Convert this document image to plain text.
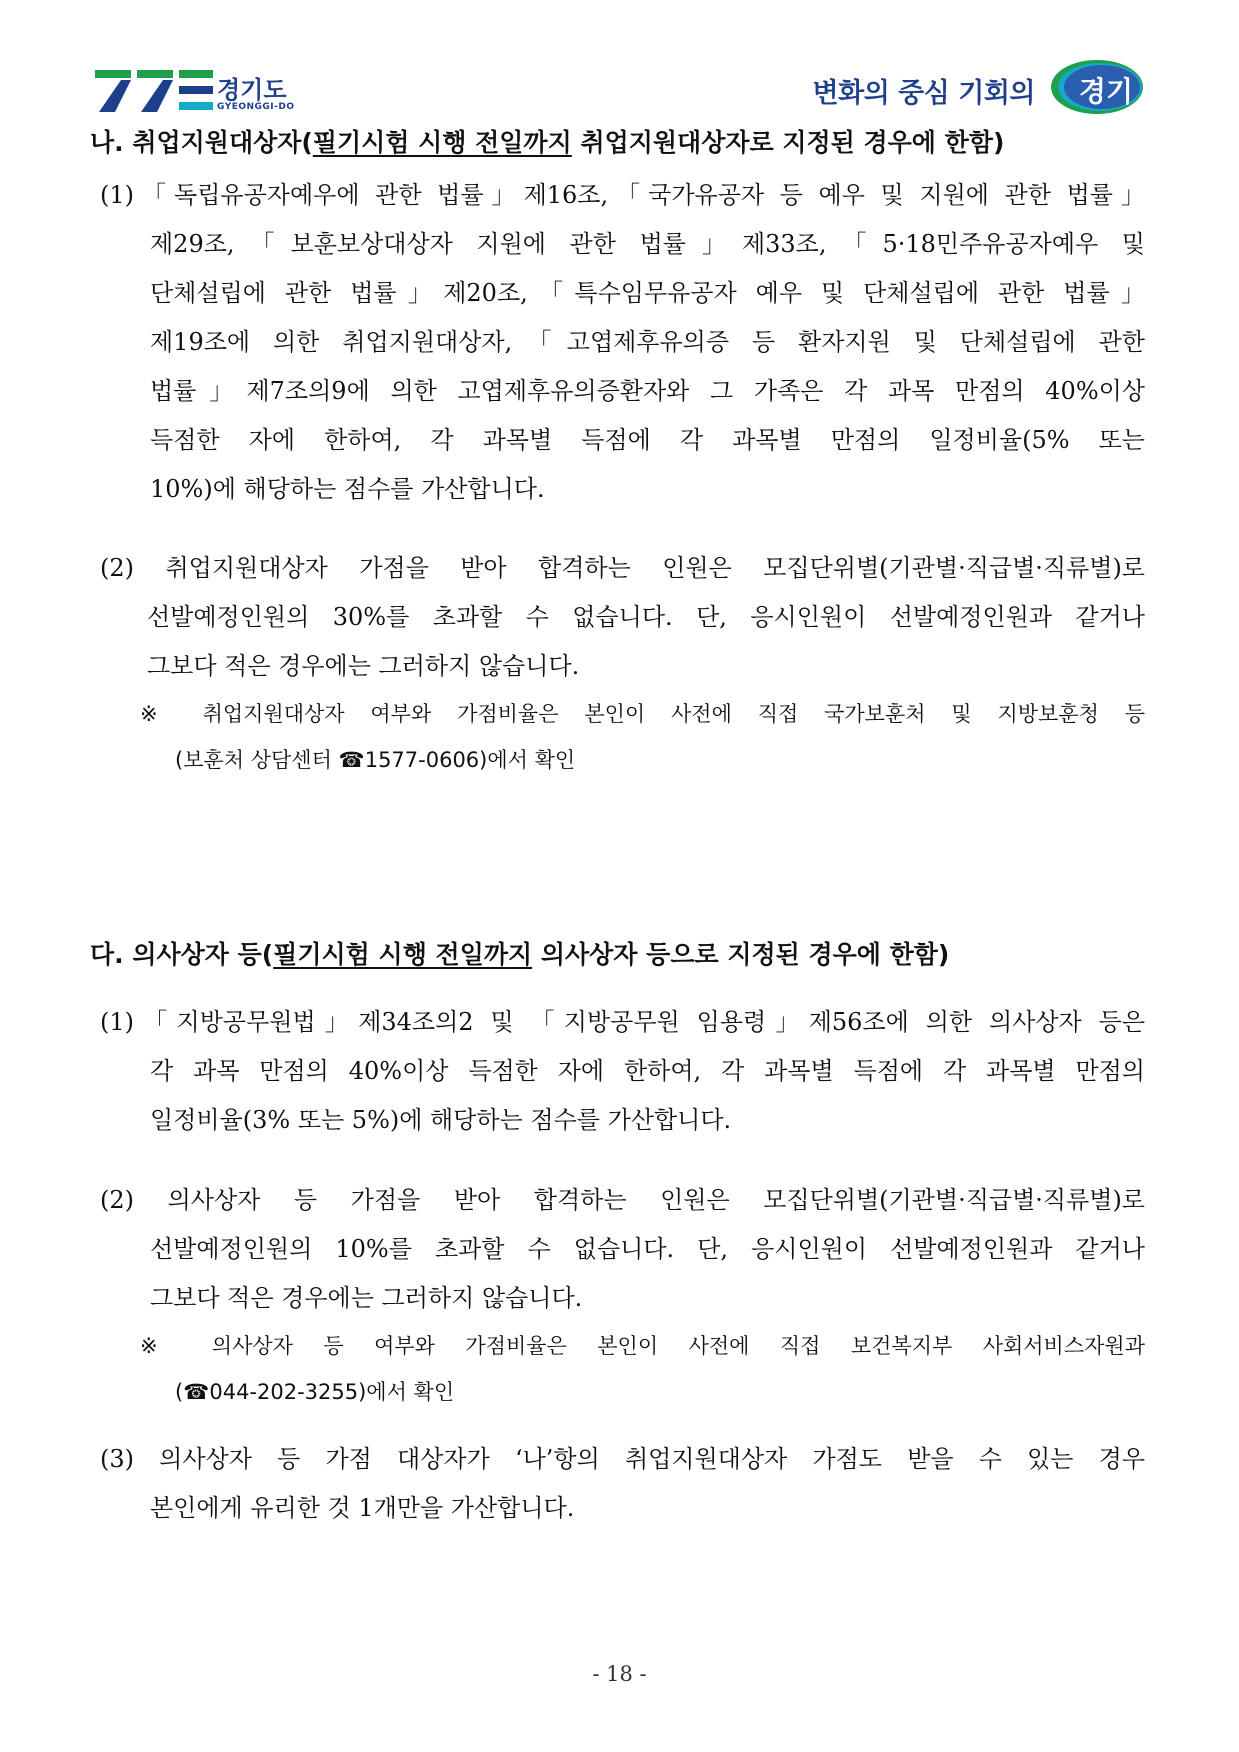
경기도
GYEONGGI-DO	변화의 중심 기회의 경기
나. 취업지원대상자(필기시험 시행 전일까지 취업지원대상자로 지정된 경우에 한함)
(1)「독립유공자예우에 관한 법률」제16조,「국가유공자 등 예우 및 지원에 관한 법률」
제29조,「보훈보상대상자 지원에 관한 법률」제33조,「5·18민주유공자예우 및
단체설립에 관한 법률」제20조,「특수임무유공자 예우 및 단체설립에 관한 법률」
제19조에 의한 취업지원대상자,「고엽제후유의증 등 환자지원 및 단체설립에 관한
법률」제7조의9에 의한 고엽제후유의증환자와 그 가족은 각 과목 만점의 40%이상
득점한 자에 한하여, 각 과목별 득점에 각 과목별 만점의 일정비율(5% 또는
10%)에 해당하는 점수를 가산합니다.
(2) 취업지원대상자 가점을 받아 합격하는 인원은 모집단위별(기관별·직급별·직류별)로
선발예정인원의 30%를 초과할 수 없습니다. 단, 응시인원이 선발예정인원과 같거나
그보다 적은 경우에는 그러하지 않습니다.
※ 취업지원대상자 여부와 가점비율은 본인이 사전에 직접 국가보훈처 및 지방보훈청 등
(보훈처 상담센터 ☎1577-0606)에서 확인
다. 의사상자 등(필기시험 시행 전일까지 의사상자 등으로 지정된 경우에 한함)
(1)「지방공무원법」제34조의2 및 「지방공무원 임용령」제56조에 의한 의사상자 등은
각 과목 만점의 40%이상 득점한 자에 한하여, 각 과목별 득점에 각 과목별 만점의
일정비율(3% 또는 5%)에 해당하는 점수를 가산합니다.
(2) 의사상자 등 가점을 받아 합격하는 인원은 모집단위별(기관별·직급별·직류별)로
선발예정인원의 10%를 초과할 수 없습니다. 단, 응시인원이 선발예정인원과 같거나
그보다 적은 경우에는 그러하지 않습니다.
※ 의사상자 등 여부와 가점비율은 본인이 사전에 직접 보건복지부 사회서비스자원과
(☎044-202-3255)에서 확인
(3) 의사상자 등 가점 대상자가 ‘나’항의 취업지원대상자 가점도 받을 수 있는 경우
본인에게 유리한 것 1개만을 가산합니다.
- 18 -
